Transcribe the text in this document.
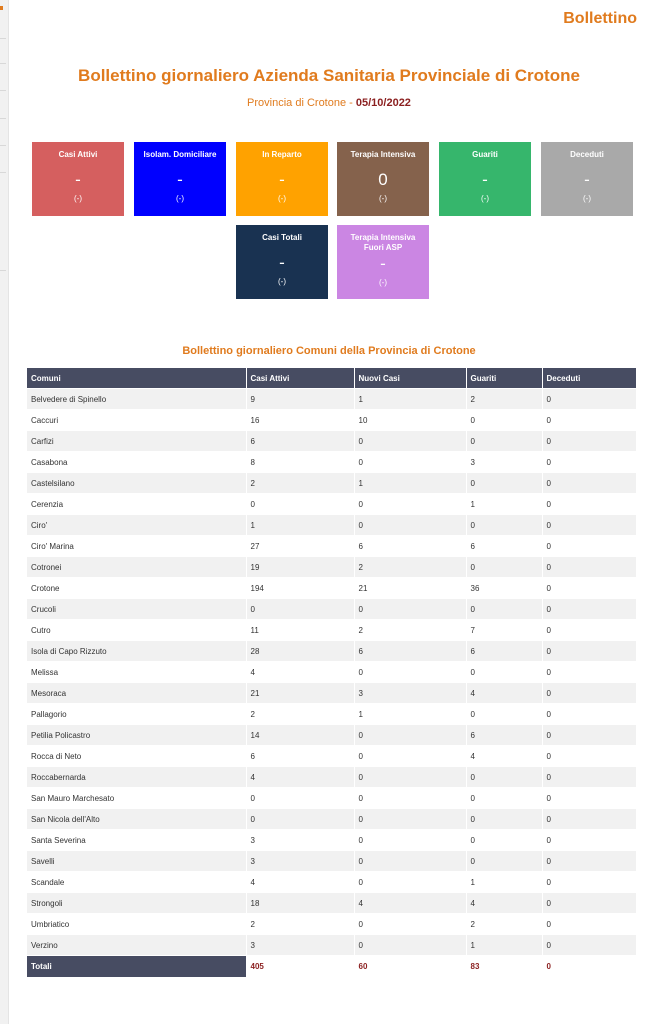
Bollettino
Bollettino giornaliero Azienda Sanitaria Provinciale di Crotone
Provincia di Crotone - 05/10/2022
Casi Attivi
-
(-)
Isolam. Domiciliare
-
(-)
In Reparto
-
(-)
Terapia Intensiva
0
(-)
Guariti
-
(-)
Deceduti
-
(-)
Casi Totali
-
(-)
Terapia Intensiva Fuori ASP
-
(-)
Bollettino giornaliero Comuni della Provincia di Crotone
Comuni	Casi Attivi	Nuovi Casi	Guariti	Deceduti
Belvedere di Spinello	9	1	2	0
Caccuri	16	10	0	0
Carfizi	6	0	0	0
Casabona	8	0	3	0
Castelsilano	2	1	0	0
Cerenzia	0	0	1	0
Ciro'	1	0	0	0
Ciro' Marina	27	6	6	0
Cotronei	19	2	0	0
Crotone	194	21	36	0
Crucoli	0	0	0	0
Cutro	11	2	7	0
Isola di Capo Rizzuto	28	6	6	0
Melissa	4	0	0	0
Mesoraca	21	3	4	0
Pallagorio	2	1	0	0
Petilia Policastro	14	0	6	0
Rocca di Neto	6	0	4	0
Roccabernarda	4	0	0	0
San Mauro Marchesato	0	0	0	0
San Nicola dell'Alto	0	0	0	0
Santa Severina	3	0	0	0
Savelli	3	0	0	0
Scandale	4	0	1	0
Strongoli	18	4	4	0
Umbriatico	2	0	2	0
Verzino	3	0	1	0
Totali	405	60	83	0
